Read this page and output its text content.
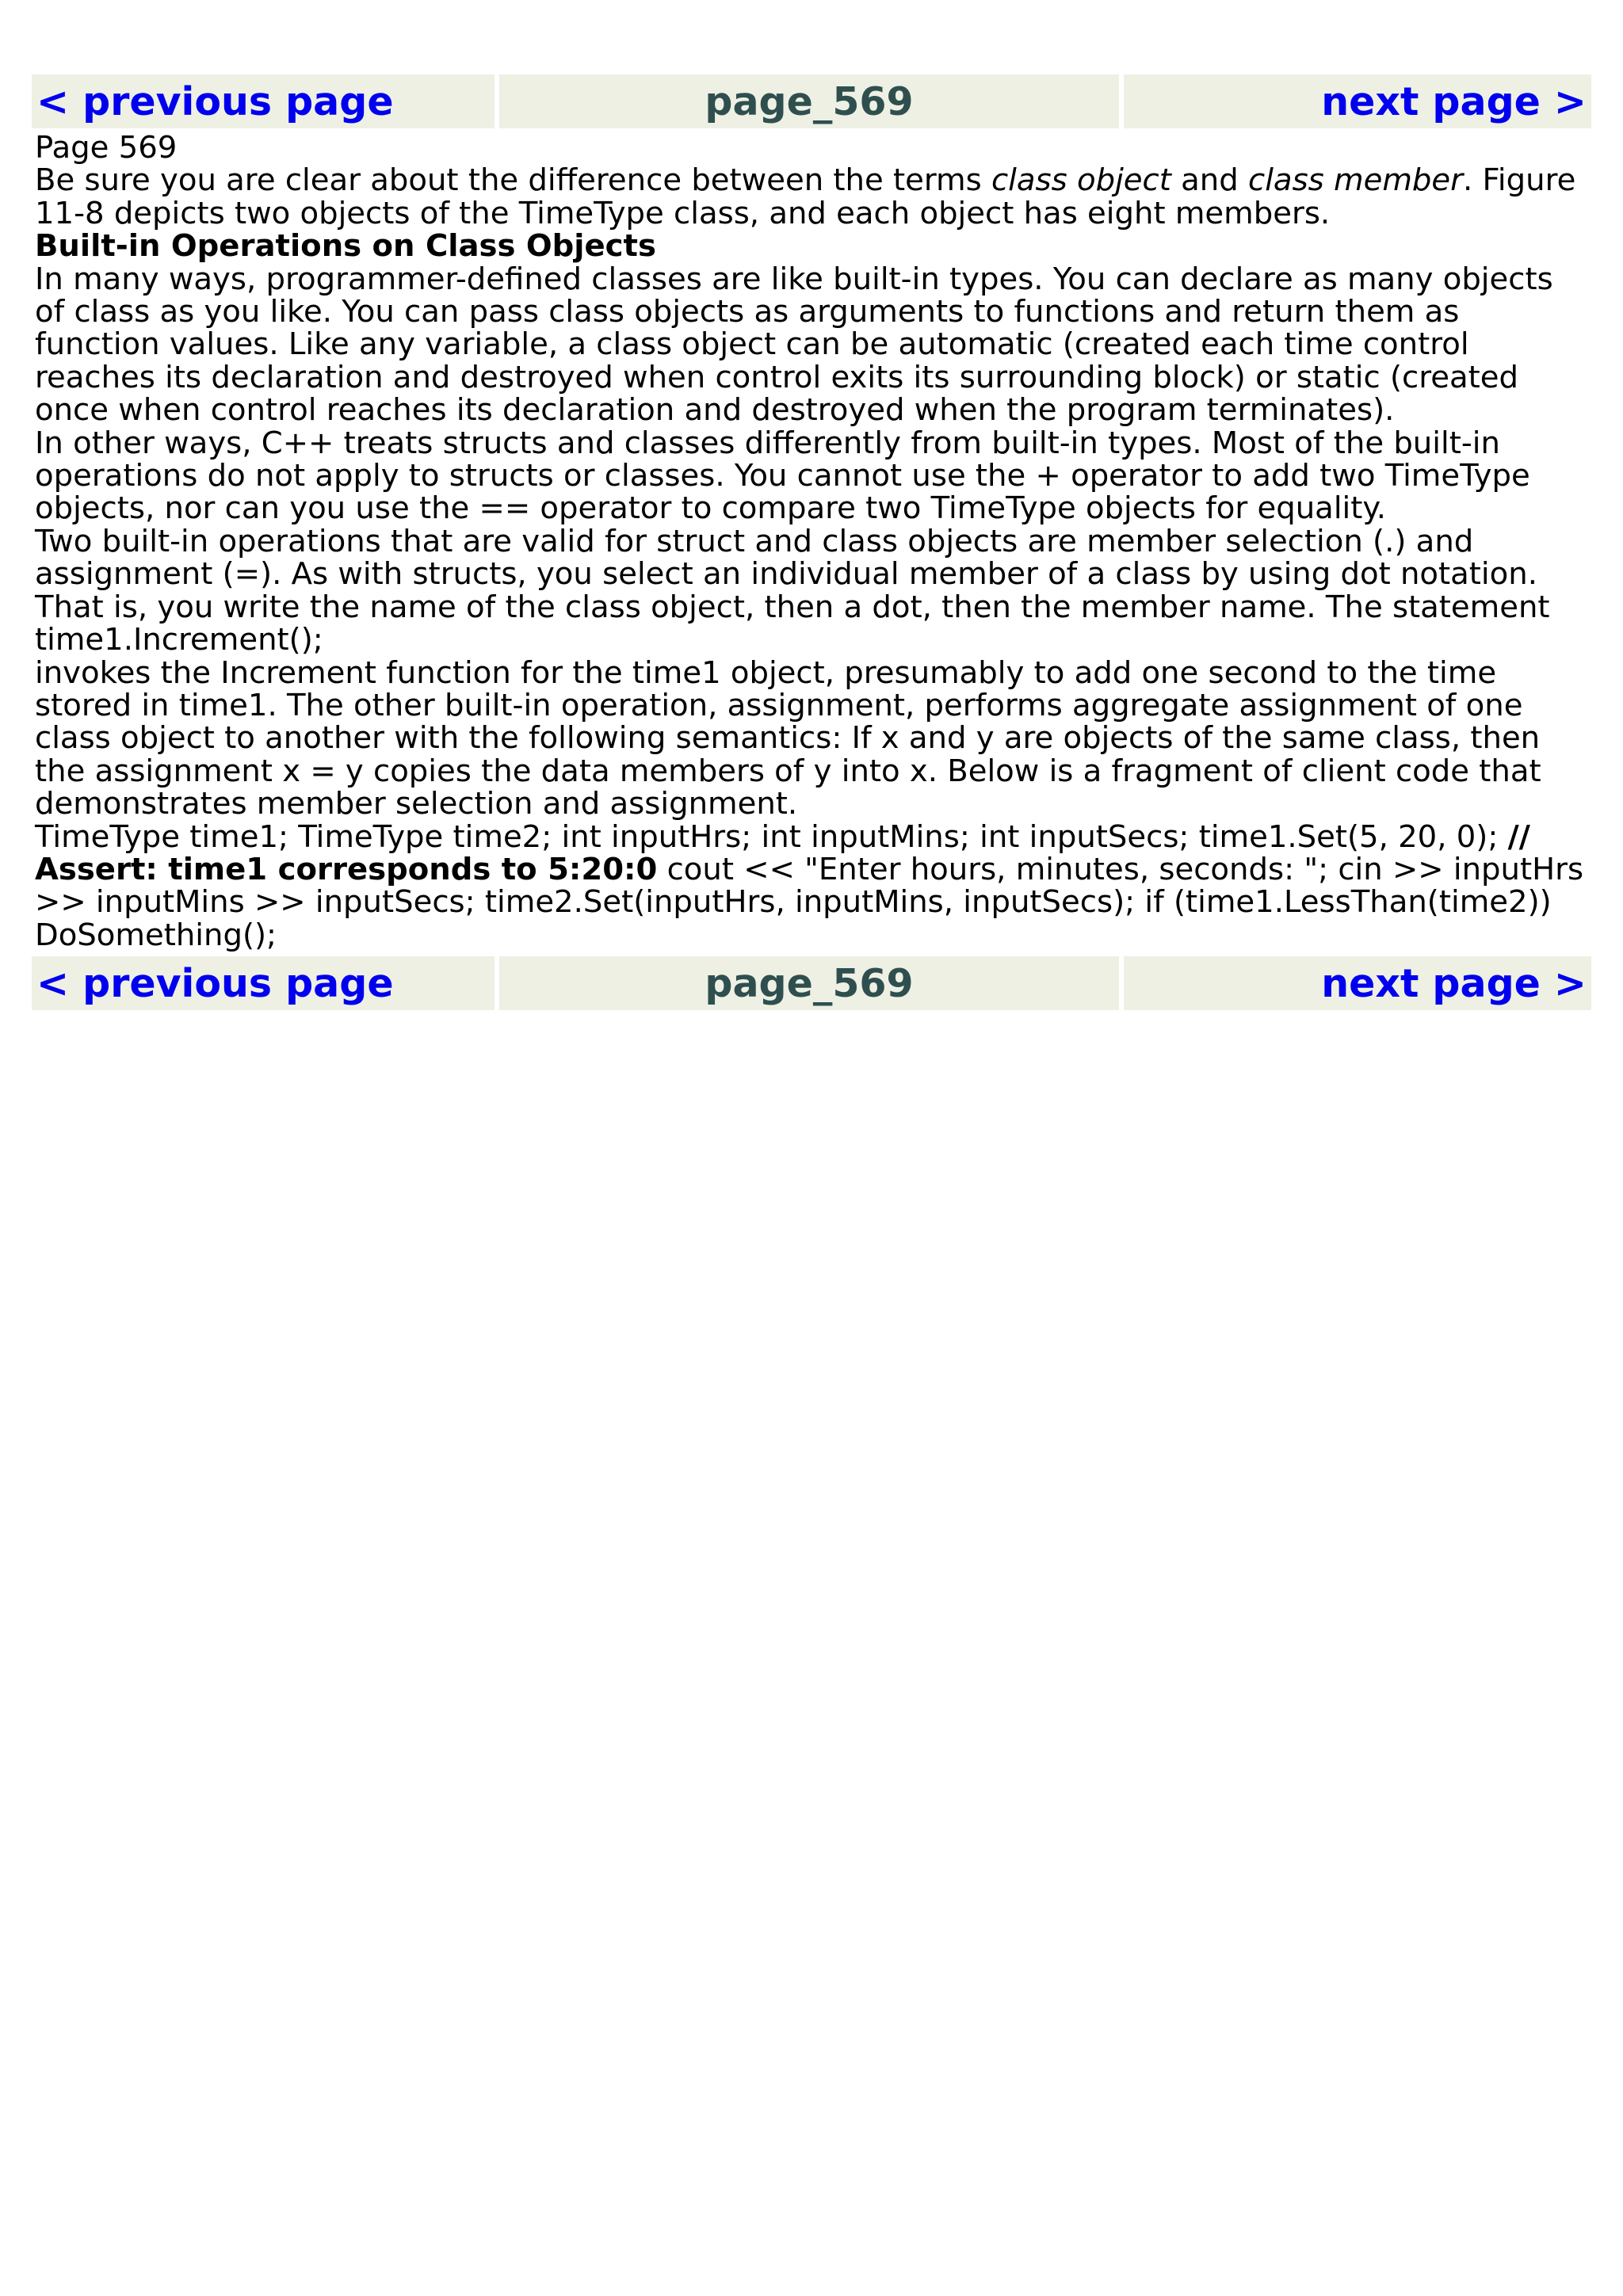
< previous page	page_569	next page >

Page 569

Be sure you are clear about the difference between the terms class object and class member. Figure 11-8 depicts two objects of the TimeType class, and each object has eight members.

Built-in Operations on Class Objects

In many ways, programmer-defined classes are like built-in types. You can declare as many objects of class as you like. You can pass class objects as arguments to functions and return them as function values. Like any variable, a class object can be automatic (created each time control reaches its declaration and destroyed when control exits its surrounding block) or static (created once when control reaches its declaration and destroyed when the program terminates).

In other ways, C++ treats structs and classes differently from built-in types. Most of the built-in operations do not apply to structs or classes. You cannot use the + operator to add two TimeType objects, nor can you use the == operator to compare two TimeType objects for equality.

Two built-in operations that are valid for struct and class objects are member selection (.) and assignment (=). As with structs, you select an individual member of a class by using dot notation. That is, you write the name of the class object, then a dot, then the member name. The statement

time1.Increment();

invokes the Increment function for the time1 object, presumably to add one second to the time stored in time1. The other built-in operation, assignment, performs aggregate assignment of one class object to another with the following semantics: If x and y are objects of the same class, then the assignment x = y copies the data members of y into x. Below is a fragment of client code that demonstrates member selection and assignment.

TimeType time1; TimeType time2; int inputHrs; int inputMins; int inputSecs; time1.Set(5, 20, 0); // Assert: time1 corresponds to 5:20:0 cout << "Enter hours, minutes, seconds: "; cin >> inputHrs >> inputMins >> inputSecs; time2.Set(inputHrs, inputMins, inputSecs); if (time1.LessThan(time2)) DoSomething();

< previous page	page_569	next page >
